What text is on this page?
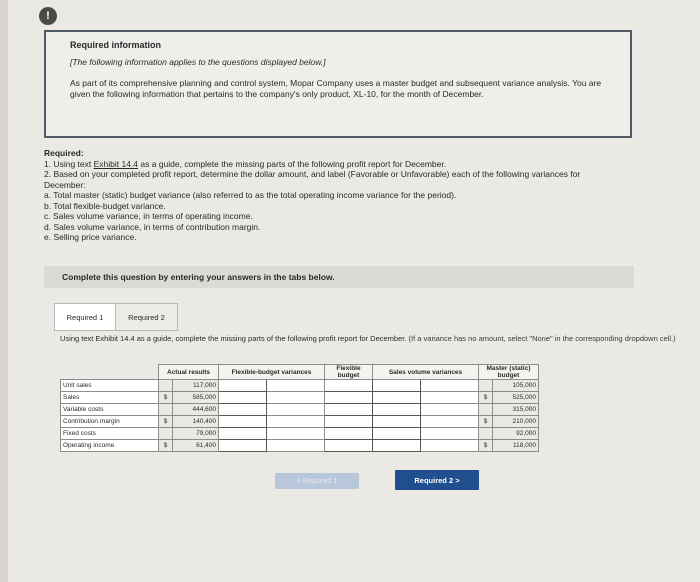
!
Required information
[The following information applies to the questions displayed below.]
As part of its comprehensive planning and control system, Mopar Company uses a master budget and subsequent variance analysis. You are given the following information that pertains to the company's only product, XL-10, for the month of December.
Required:
1. Using text Exhibit 14.4 as a guide, complete the missing parts of the following profit report for December.
2. Based on your completed profit report, determine the dollar amount, and label (Favorable or Unfavorable) each of the following variances for December:
a. Total master (static) budget variance (also referred to as the total operating income variance for the period).
b. Total flexible-budget variance.
c. Sales volume variance, in terms of operating income.
d. Sales volume variance, in terms of contribution margin.
e. Selling price variance.
Complete this question by entering your answers in the tabs below.
Required 1	Required 2
Using text Exhibit 14.4 as a guide, complete the missing parts of the following profit report for December. (If a variance has no amount, select "None" in the corresponding dropdown cell.)
	Actual results		Flexible-budget variances		Flexible budget	Sales volume variances		Master (static) budget	
Unit sales		117,000							105,000
Sales	$	585,000						$	525,000
Variable costs		444,600							315,000
Contribution margin	$	140,400						$	210,000
Fixed costs		79,000							92,000
Operating income	$	61,400						$	118,000
< Required 1	Required 2 >
